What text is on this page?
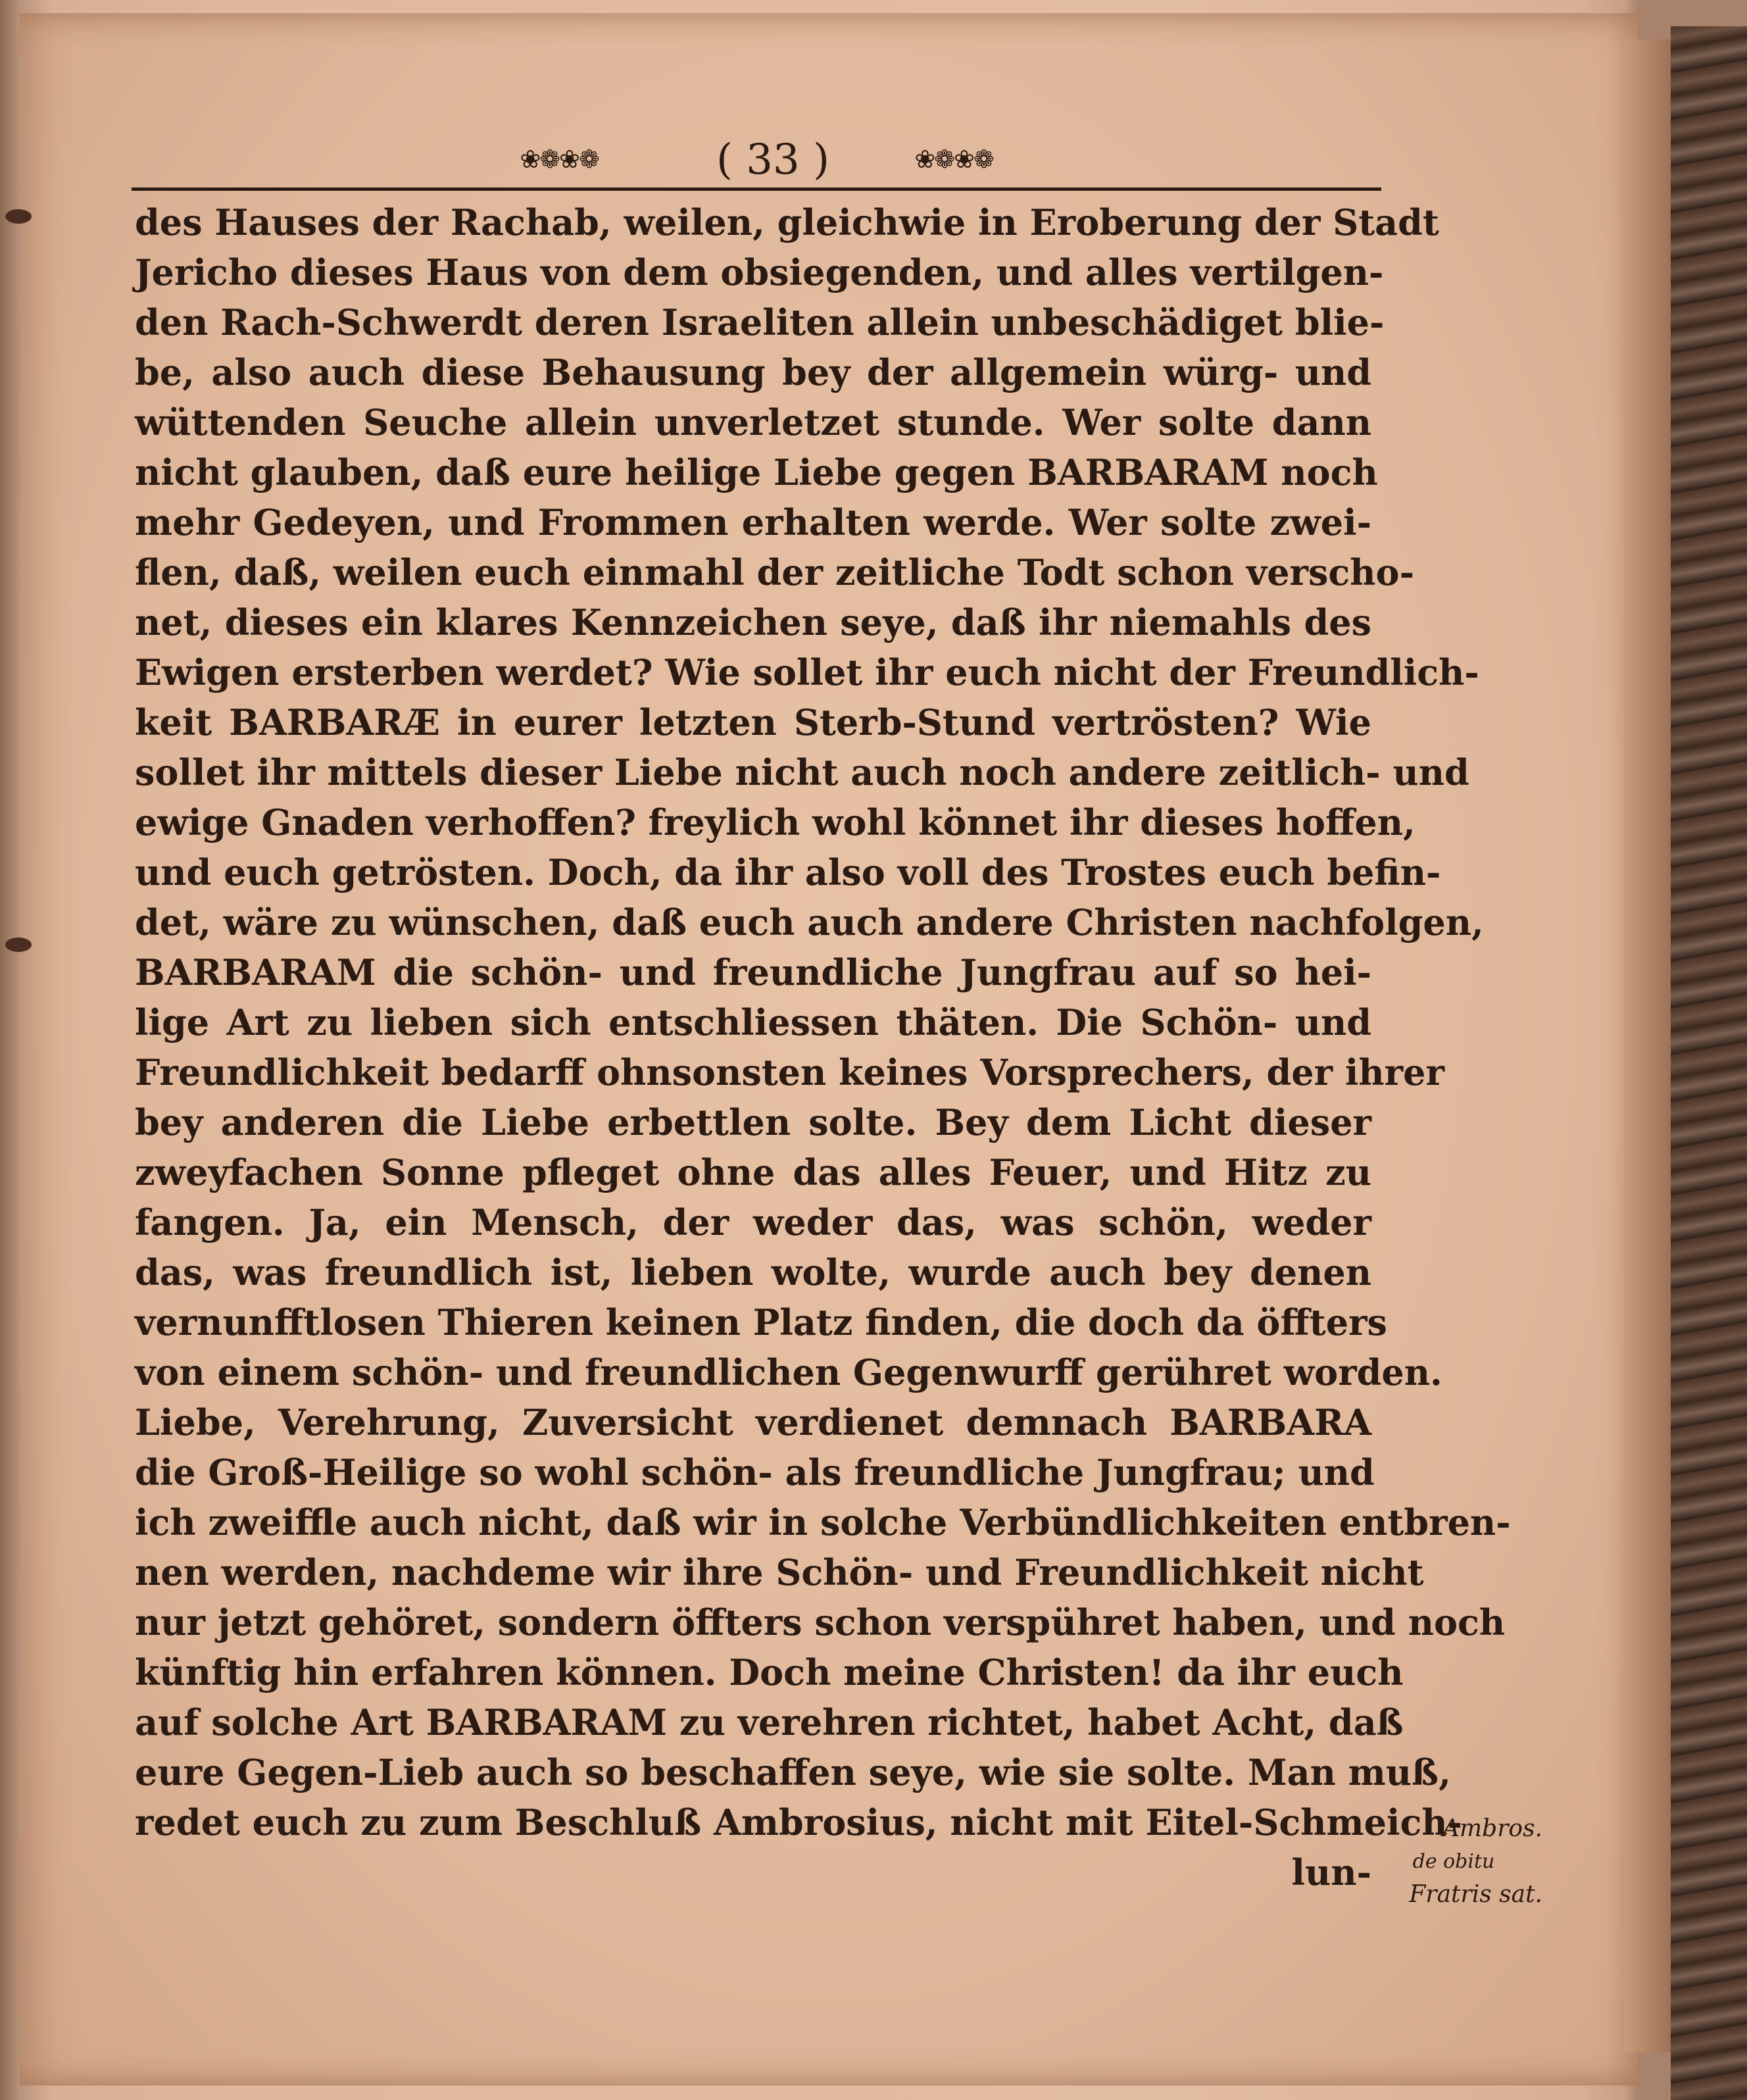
❀❁❀❁	( 33 )	❀❁❀❁
des Hauses der Rachab, weilen, gleichwie in Eroberung der Stadt
Jericho dieses Haus von dem obsiegenden, und alles vertilgen-
den Rach-Schwerdt deren Israeliten allein unbeschädiget blie-
be, also auch diese Behausung bey der allgemein würg- und
wüttenden Seuche allein unverletzet stunde. Wer solte dann
nicht glauben, daß eure heilige Liebe gegen BARBARAM noch
mehr Gedeyen, und Frommen erhalten werde. Wer solte zwei-
flen, daß, weilen euch einmahl der zeitliche Todt schon verscho-
net, dieses ein klares Kennzeichen seye, daß ihr niemahls des
Ewigen ersterben werdet? Wie sollet ihr euch nicht der Freundlich-
keit BARBARÆ in eurer letzten Sterb-Stund vertrösten? Wie
sollet ihr mittels dieser Liebe nicht auch noch andere zeitlich- und
ewige Gnaden verhoffen? freylich wohl könnet ihr dieses hoffen,
und euch getrösten. Doch, da ihr also voll des Trostes euch befin-
det, wäre zu wünschen, daß euch auch andere Christen nachfolgen,
BARBARAM die schön- und freundliche Jungfrau auf so hei-
lige Art zu lieben sich entschliessen thäten. Die Schön- und
Freundlichkeit bedarff ohnsonsten keines Vorsprechers, der ihrer
bey anderen die Liebe erbettlen solte. Bey dem Licht dieser
zweyfachen Sonne pfleget ohne das alles Feuer, und Hitz zu
fangen. Ja, ein Mensch, der weder das, was schön, weder
das, was freundlich ist, lieben wolte, wurde auch bey denen
vernunfftlosen Thieren keinen Platz finden, die doch da öffters
von einem schön- und freundlichen Gegenwurff gerühret worden.
Liebe, Verehrung, Zuversicht verdienet demnach BARBARA
die Groß-Heilige so wohl schön- als freundliche Jungfrau; und
ich zweiffle auch nicht, daß wir in solche Verbündlichkeiten entbren-
nen werden, nachdeme wir ihre Schön- und Freundlichkeit nicht
nur jetzt gehöret, sondern öffters schon verspühret haben, und noch
künftig hin erfahren können. Doch meine Christen! da ihr euch
auf solche Art BARBARAM zu verehren richtet, habet Acht, daß
eure Gegen-Lieb auch so beschaffen seye, wie sie solte. Man muß,
redet euch zu zum Beschluß Ambrosius, nicht mit Eitel-Schmeich-
lun-
Ambros.
de obitu
Fratris sat.
